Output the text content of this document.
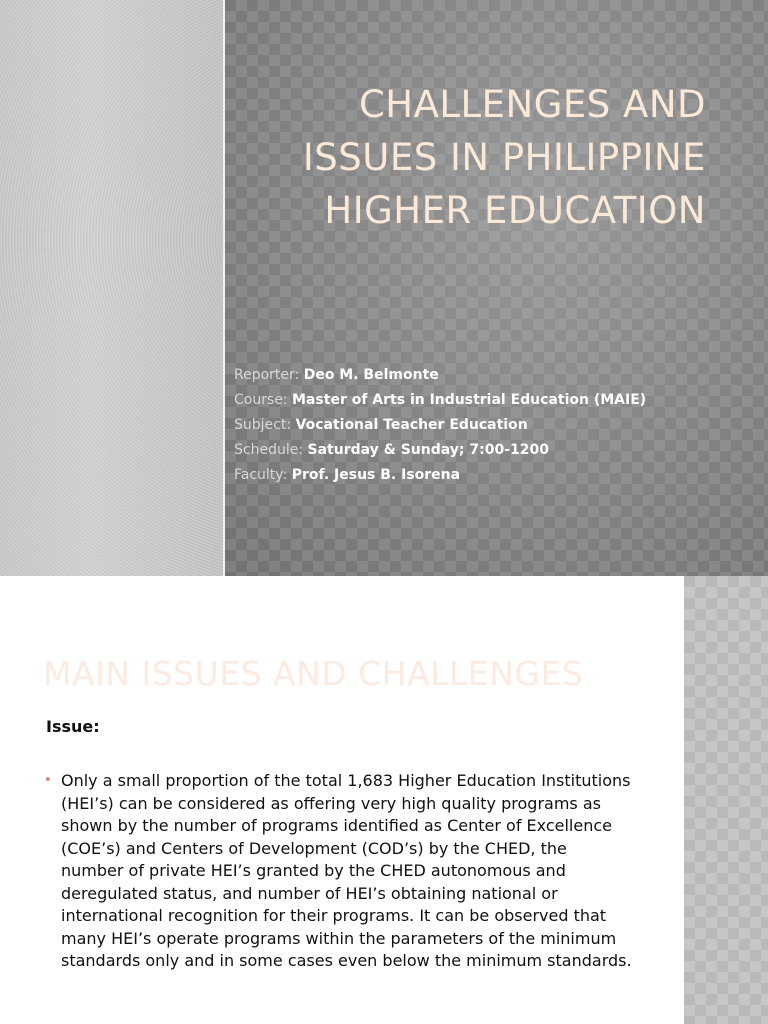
CHALLENGES AND ISSUES IN PHILIPPINE HIGHER EDUCATION
Reporter: Deo M. Belmonte
Course: Master of Arts in Industrial Education (MAIE)
Subject: Vocational Teacher Education
Schedule: Saturday & Sunday; 7:00-1200
Faculty: Prof. Jesus B. Isorena
MAIN ISSUES AND CHALLENGES
Issue:
• Only a small proportion of the total 1,683 Higher Education Institutions (HEI’s) can be considered as offering very high quality programs as shown by the number of programs identified as Center of Excellence (COE’s) and Centers of Development (COD’s) by the CHED, the number of private HEI’s granted by the CHED autonomous and deregulated status, and number of HEI’s obtaining national or international recognition for their programs. It can be observed that many HEI’s operate programs within the parameters of the minimum standards only and in some cases even below the minimum standards.
